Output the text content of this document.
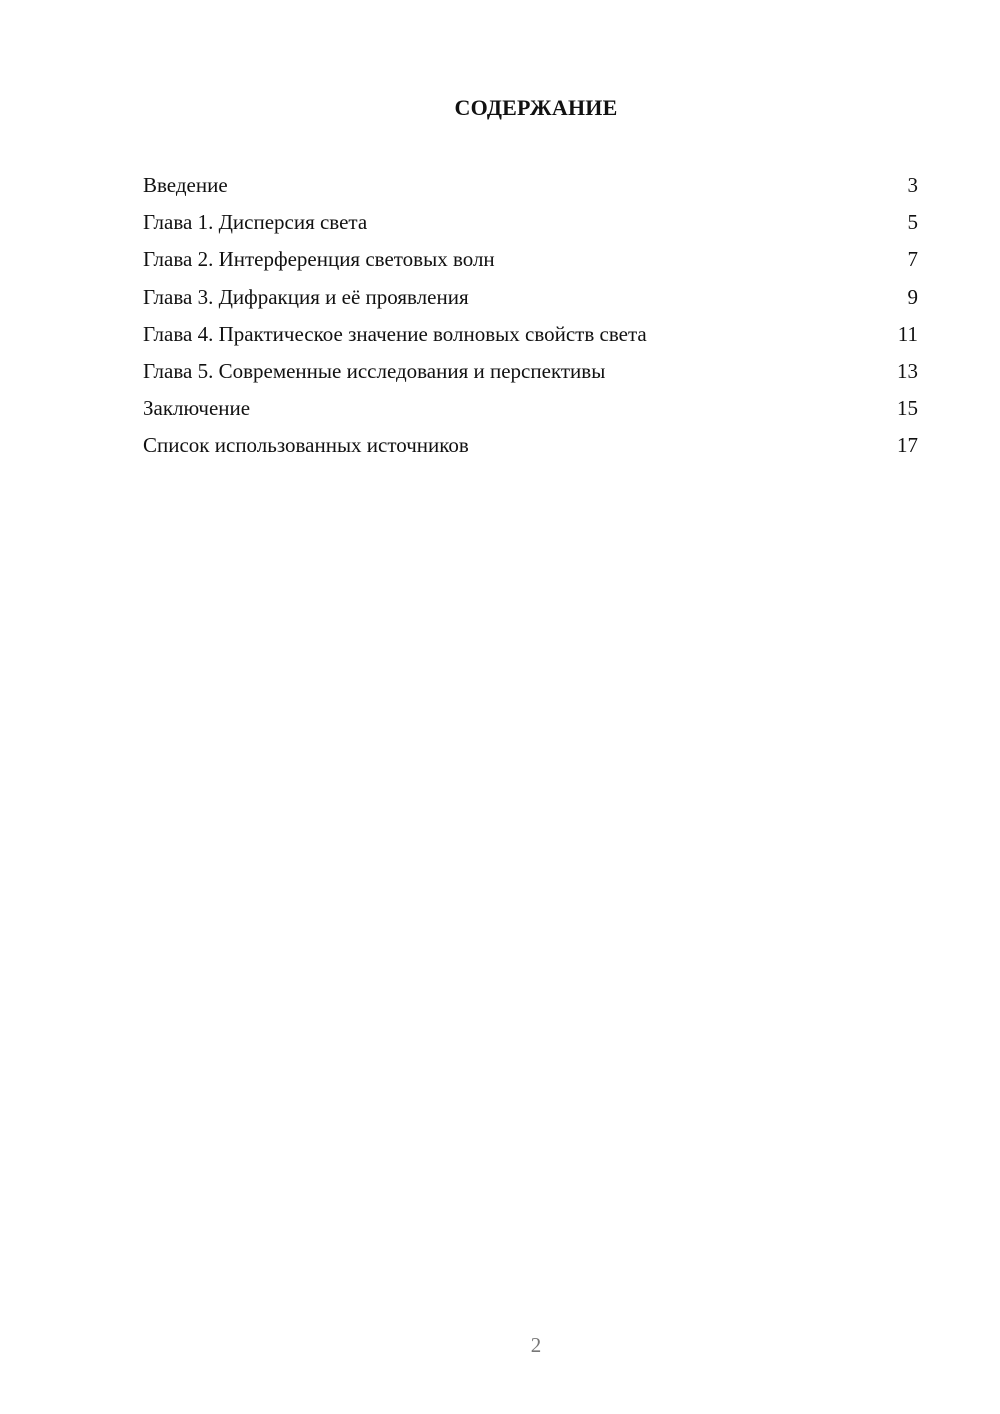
СОДЕРЖАНИЕ
Введение	3
Глава 1. Дисперсия света	5
Глава 2. Интерференция световых волн	7
Глава 3. Дифракция и её проявления	9
Глава 4. Практическое значение волновых свойств света	11
Глава 5. Современные исследования и перспективы	13
Заключение	15
Список использованных источников	17
2
